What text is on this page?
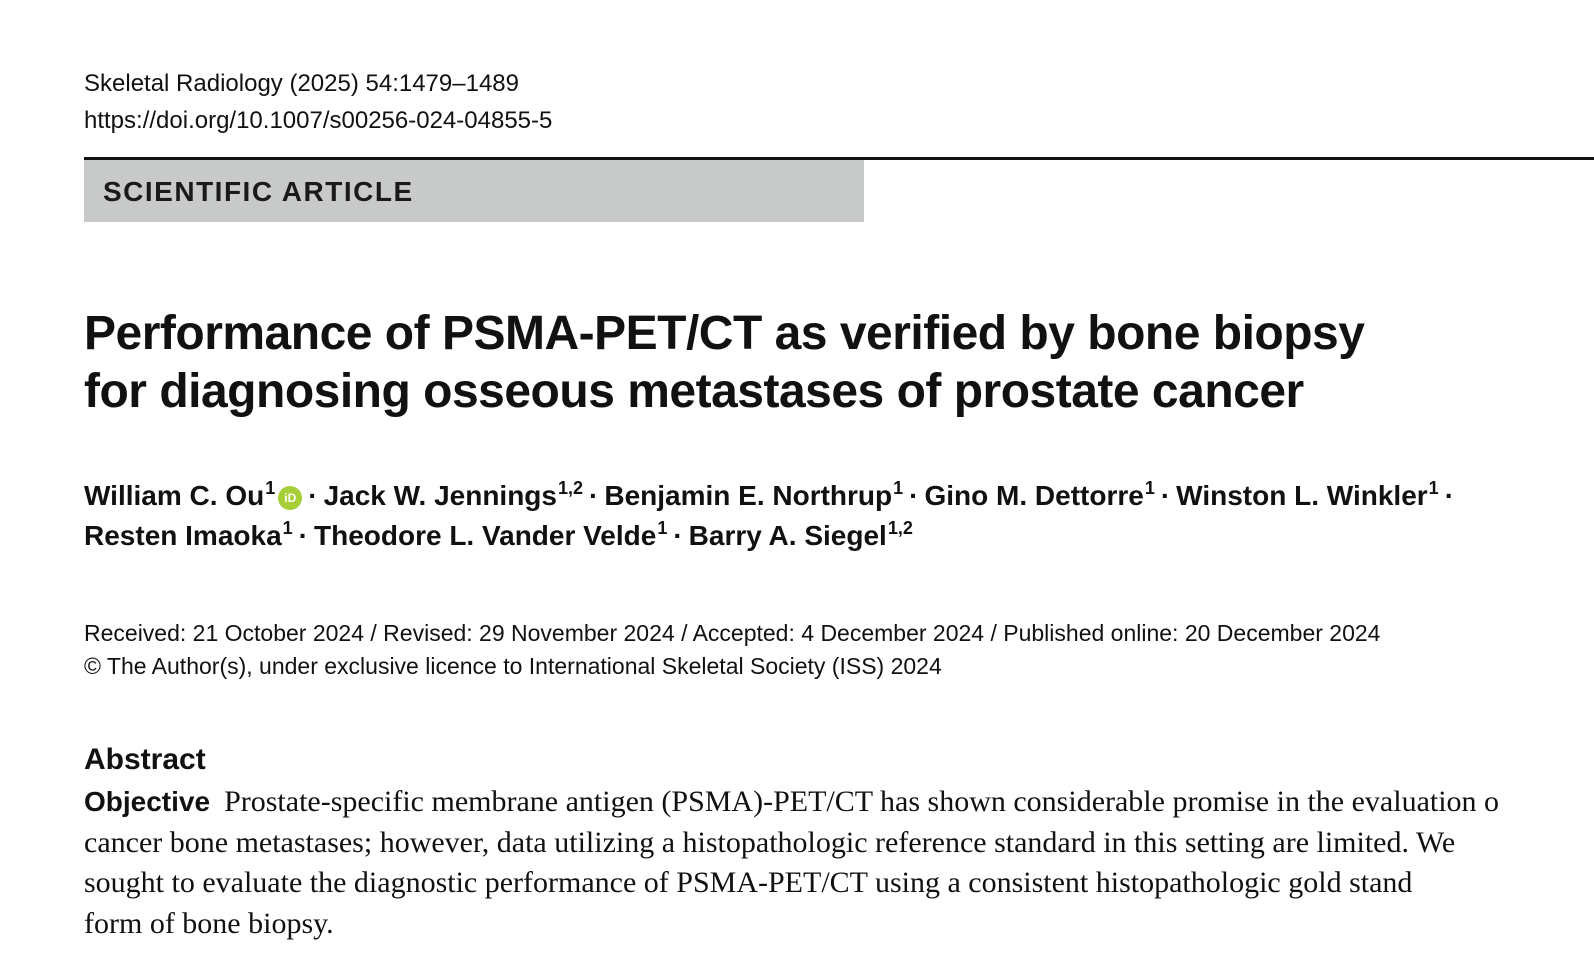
Skeletal Radiology (2025) 54:1479–1489
https://doi.org/10.1007/s00256-024-04855-5
SCIENTIFIC ARTICLE
Performance of PSMA-PET/CT as verified by bone biopsy
for diagnosing osseous metastases of prostate cancer
William C. Ou$^1$ iD · Jack W. Jennings$^{1,2}$ · Benjamin E. Northrup$^1$ · Gino M. Dettorre$^1$ · Winston L. Winkler$^1$ ·
Resten Imaoka$^1$ · Theodore L. Vander Velde$^1$ · Barry A. Siegel$^{1,2}$
Received: 21 October 2024 / Revised: 29 November 2024 / Accepted: 4 December 2024 / Published online: 20 December 2024
© The Author(s), under exclusive licence to International Skeletal Society (ISS) 2024
Abstract
Objective Prostate-specific membrane antigen (PSMA)-PET/CT has shown considerable promise in the evaluation o
cancer bone metastases; however, data utilizing a histopathologic reference standard in this setting are limited. We
sought to evaluate the diagnostic performance of PSMA-PET/CT using a consistent histopathologic gold stand
form of bone biopsy.
